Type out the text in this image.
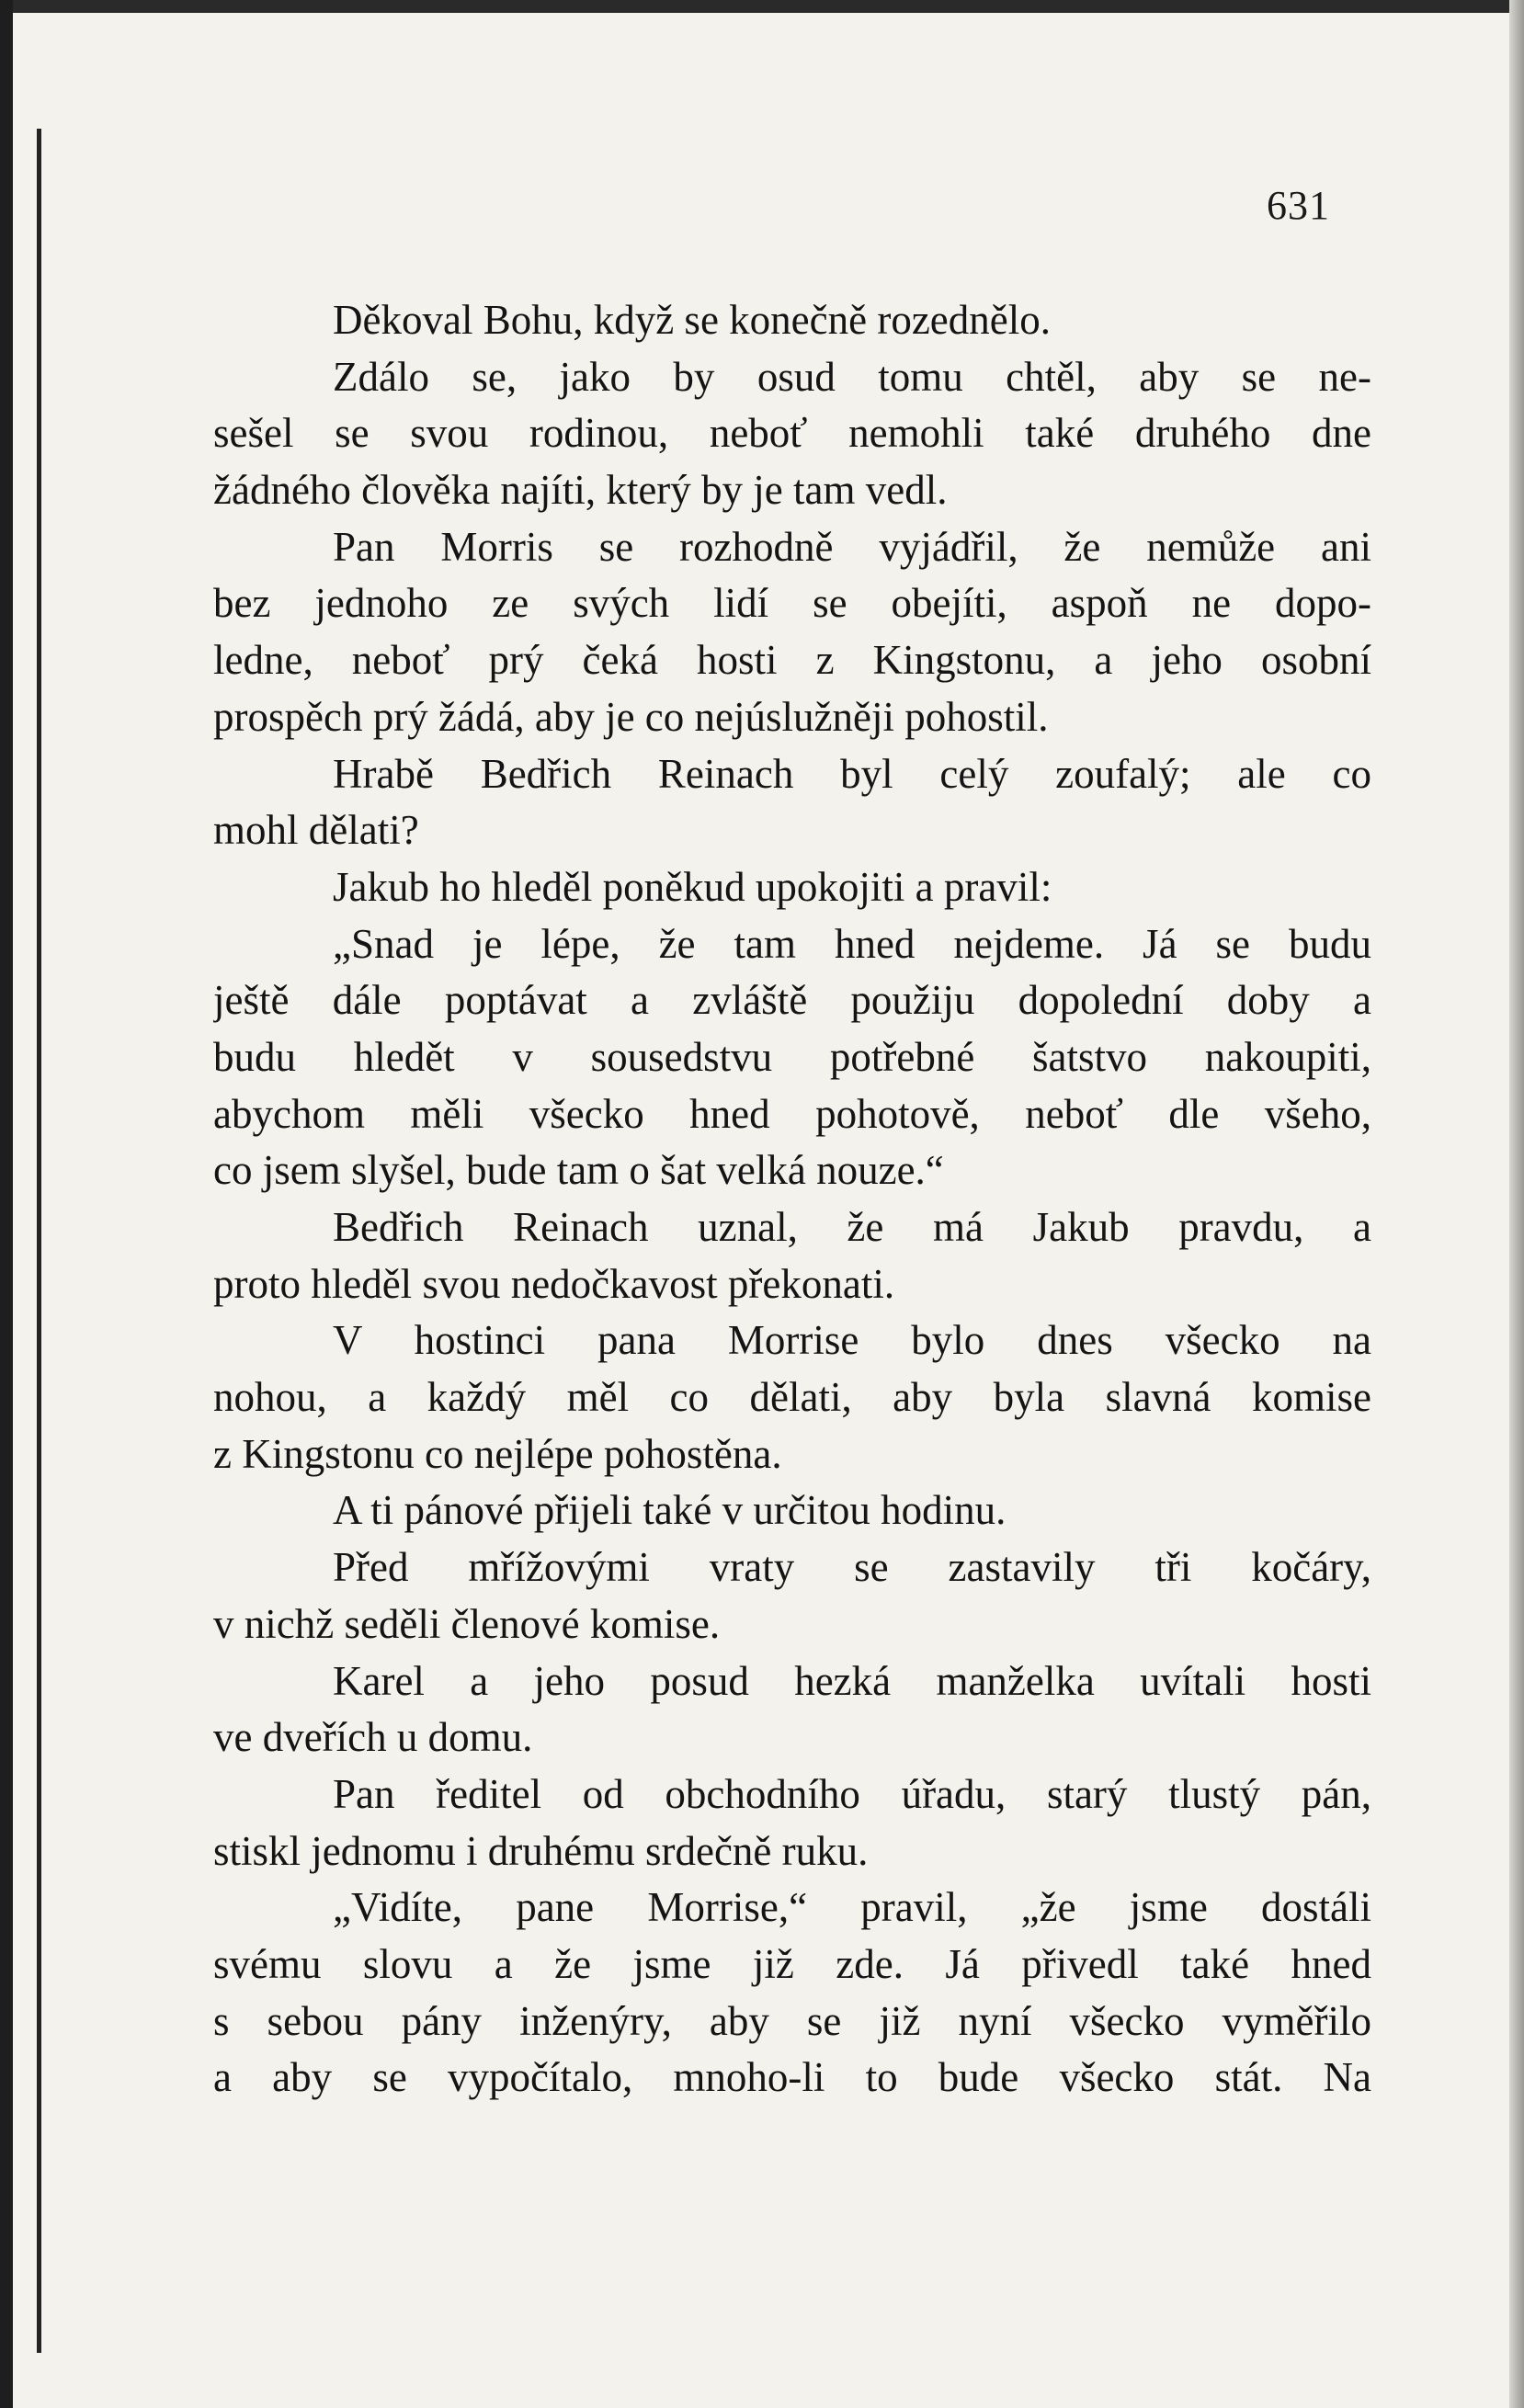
631
Děkoval Bohu, když se konečně rozednělo.
Zdálo se, jako by osud tomu chtěl, aby se ne-
sešel se svou rodinou, neboť nemohli také druhého dne
žádného člověka najíti, který by je tam vedl.
Pan Morris se rozhodně vyjádřil, že nemůže ani
bez jednoho ze svých lidí se obejíti, aspoň ne dopo-
ledne, neboť prý čeká hosti z Kingstonu, a jeho osobní
prospěch prý žádá, aby je co nejúslužněji pohostil.
Hrabě Bedřich Reinach byl celý zoufalý; ale co
mohl dělati?
Jakub ho hleděl poněkud upokojiti a pravil:
„Snad je lépe, že tam hned nejdeme. Já se budu
ještě dále poptávat a zvláště použiju dopolední doby a
budu hledět v sousedstvu potřebné šatstvo nakoupiti,
abychom měli všecko hned pohotově, neboť dle všeho,
co jsem slyšel, bude tam o šat velká nouze.“
Bedřich Reinach uznal, že má Jakub pravdu, a
proto hleděl svou nedočkavost překonati.
V hostinci pana Morrise bylo dnes všecko na
nohou, a každý měl co dělati, aby byla slavná komise
z Kingstonu co nejlépe pohostěna.
A ti pánové přijeli také v určitou hodinu.
Před mřížovými vraty se zastavily tři kočáry,
v nichž seděli členové komise.
Karel a jeho posud hezká manželka uvítali hosti
ve dveřích u domu.
Pan ředitel od obchodního úřadu, starý tlustý pán,
stiskl jednomu i druhému srdečně ruku.
„Vidíte, pane Morrise,“ pravil, „že jsme dostáli
svému slovu a že jsme již zde. Já přivedl také hned
s sebou pány inženýry, aby se již nyní všecko vyměřilo
a aby se vypočítalo, mnoho-li to bude všecko stát. Na
